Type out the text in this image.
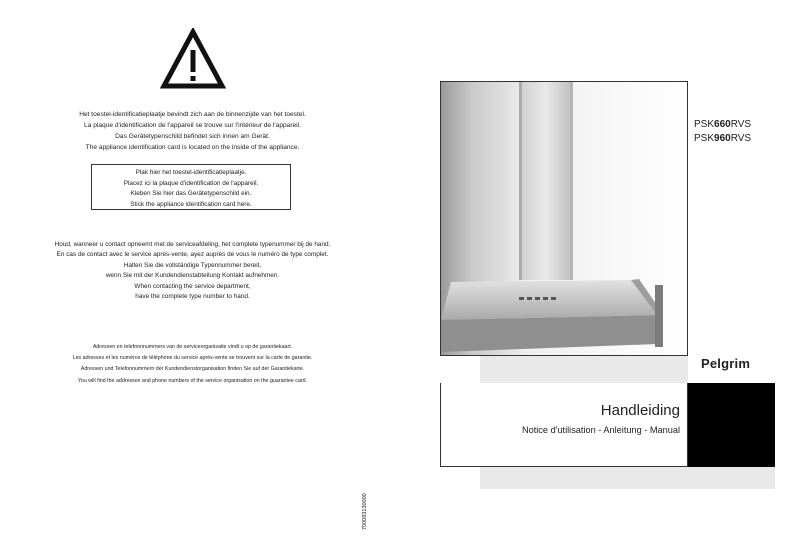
Het toestel-identificatieplaatje bevindt zich aan de binnenzijde van het toestel.
La plaque d'identification de l'appareil se trouve sur l'intérieur de l'appareil.
Das Gerätetypenschild befindet sich innen am Gerät.
The appliance identification card is located on the inside of the appliance.
Plak hier het toestel-identificatieplaatje.
Placez ici la plaque d'identification de l'appareil.
Kleben Sie hier das Gerätetypenschild ein.
Stick the appliance identification card here.
Houd, wanneer u contact opneemt met de serviceafdeling, het complete typenummer bij de hand.
En cas de contact avec le service après-vente, ayez auprès de vous le numéro de type complet.
Halten Sie die vollständige Typennummer bereit,
wenn Sie mit der Kundendienstabteilung Kontakt aufnehmen.
When contacting the service department,
have the complete type number to hand.
Adressen en telefoonnummers van de serviceorganisatie vindt u op de garantiekaart.
Les adresses et les numéros de téléphone du service après-vente se trouvent sur la carte de garantie.
Adressen und Telefonnummern der Kundendienstorganisation finden Sie auf der Garantiekarte.
You will find the addresses and phone numbers of the service organisation on the guarantee card.
700083130000
PSK660RVS
PSK960RVS
Pelgrim
Handleiding
Notice d'utilisation - Anleitung - Manual
